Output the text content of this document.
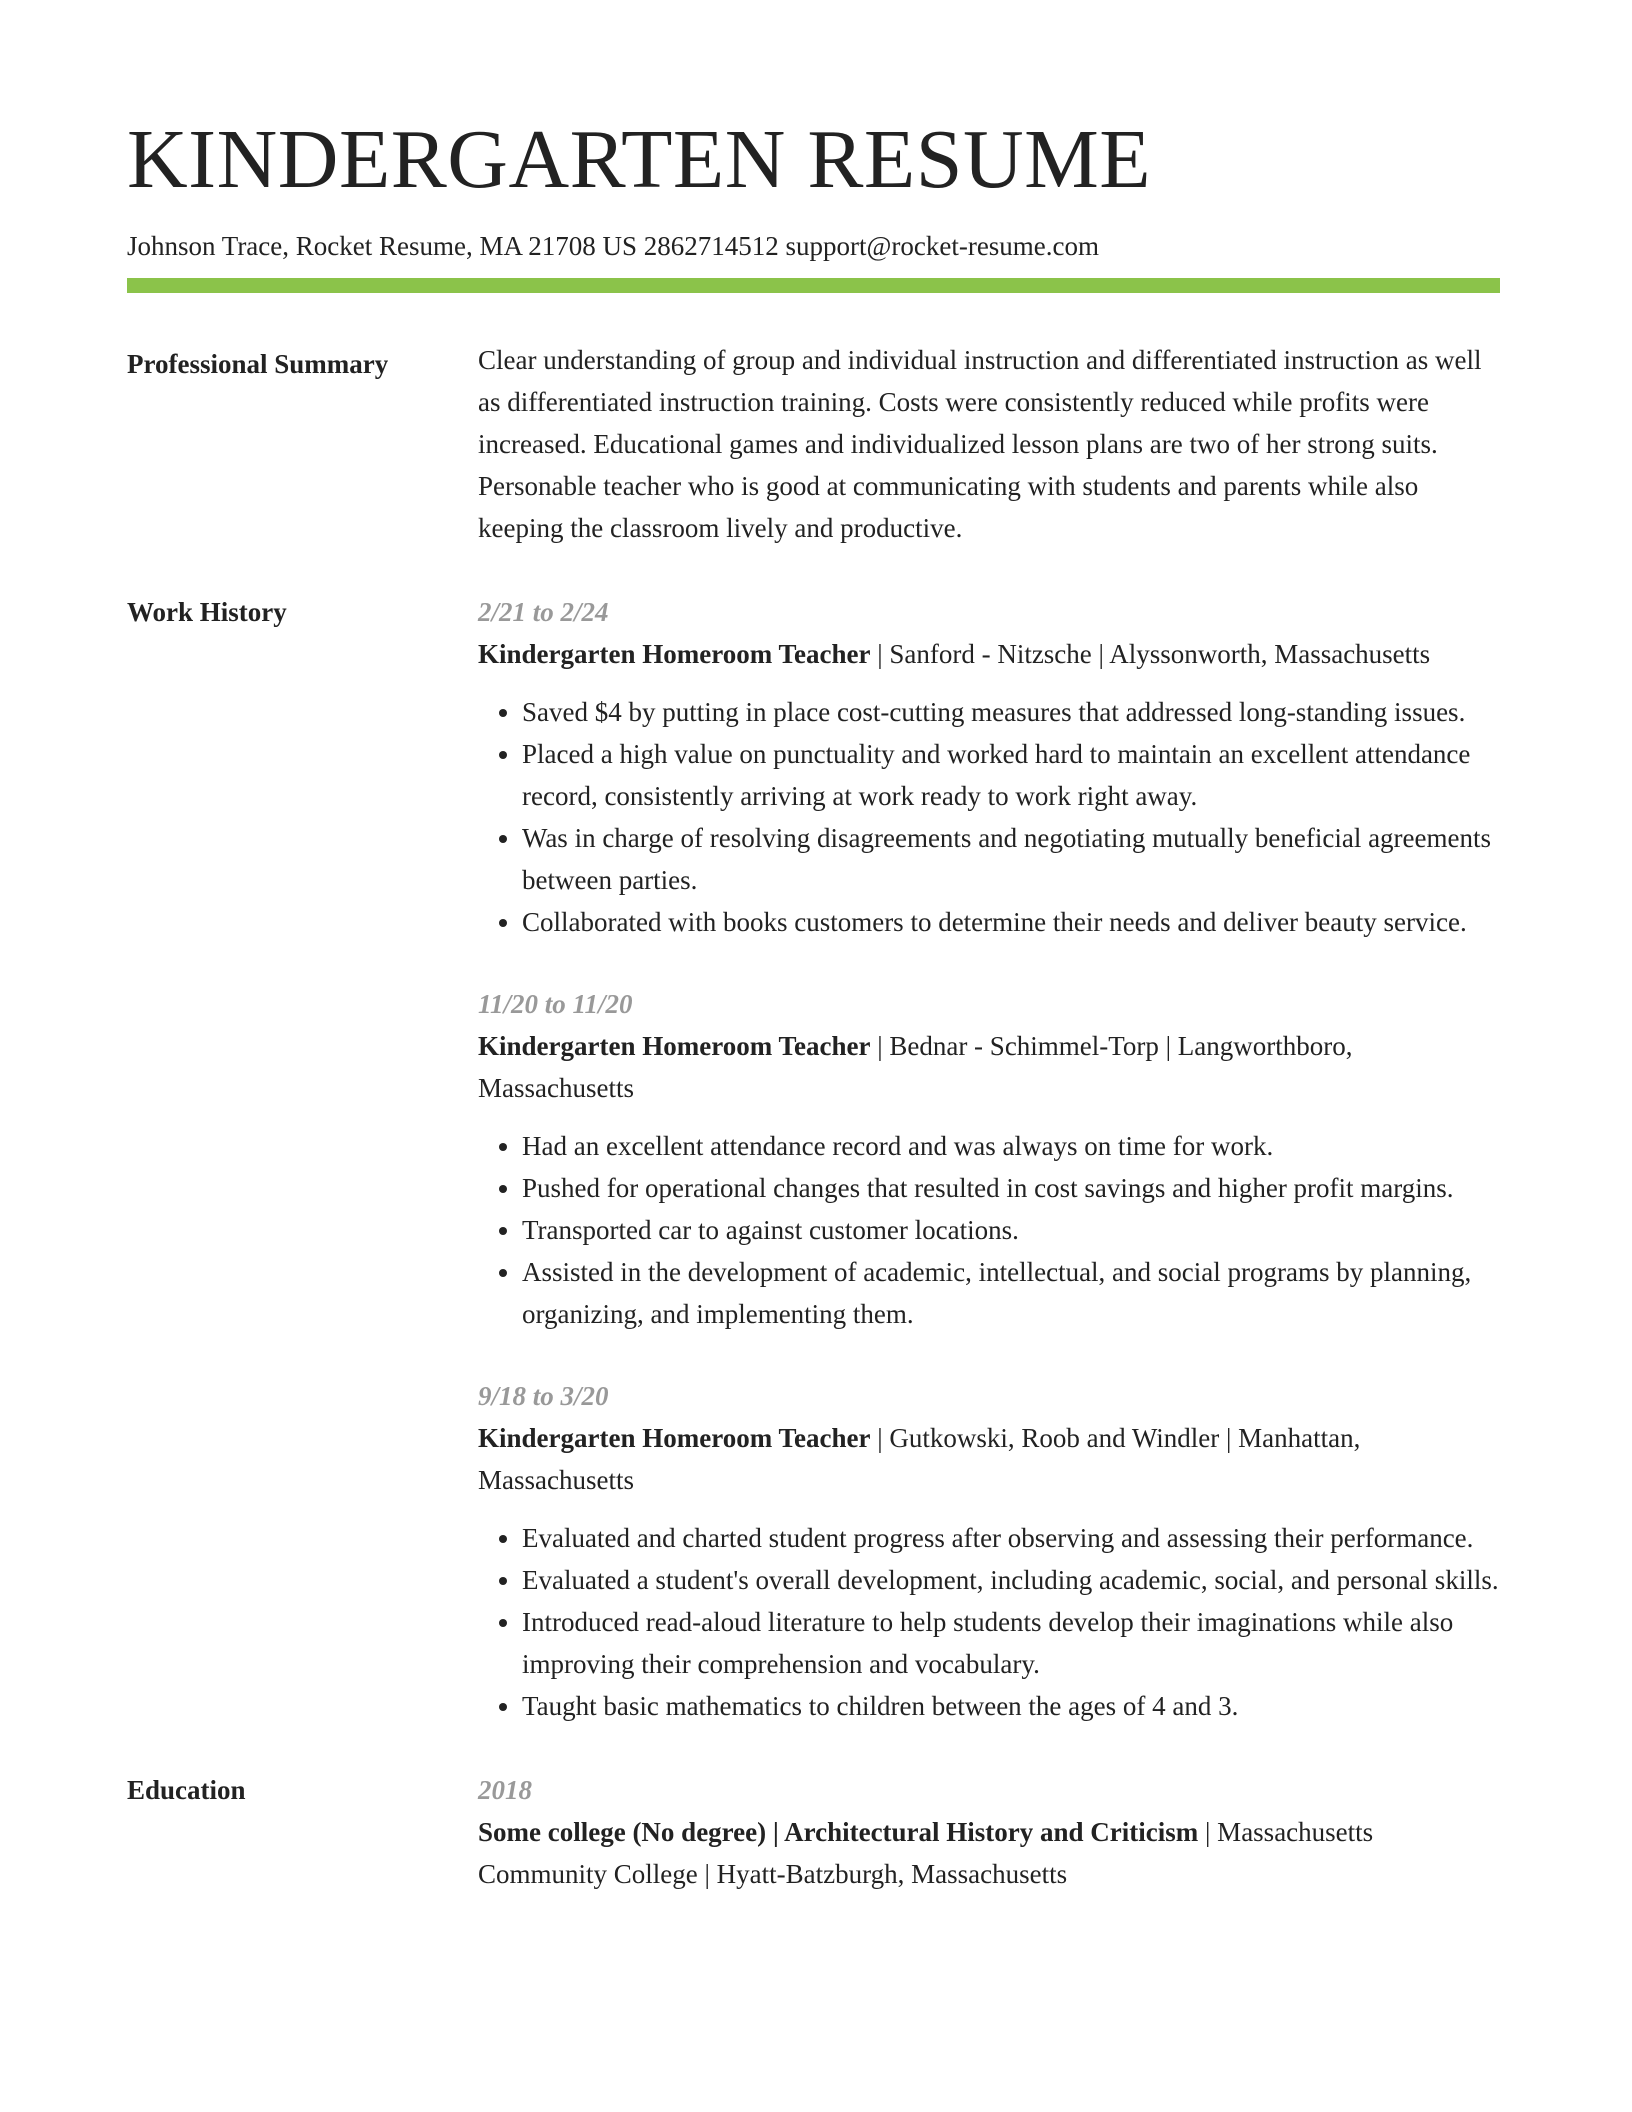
KINDERGARTEN RESUME
Johnson Trace, Rocket Resume, MA 21708 US 2862714512 support@rocket-resume.com
Professional Summary	Clear understanding of group and individual instruction and differentiated instruction as well as differentiated instruction training. Costs were consistently reduced while profits were increased. Educational games and individualized lesson plans are two of her strong suits. Personable teacher who is good at communicating with students and parents while also keeping the classroom lively and productive.

Work History	2/21 to 2/24
Kindergarten Homeroom Teacher | Sanford - Nitzsche | Alyssonworth, Massachusetts
• Saved $4 by putting in place cost-cutting measures that addressed long-standing issues.
• Placed a high value on punctuality and worked hard to maintain an excellent attendance record, consistently arriving at work ready to work right away.
• Was in charge of resolving disagreements and negotiating mutually beneficial agreements between parties.
• Collaborated with books customers to determine their needs and deliver beauty service.
11/20 to 11/20
Kindergarten Homeroom Teacher | Bednar - Schimmel-Torp | Langworthboro, Massachusetts
• Had an excellent attendance record and was always on time for work.
• Pushed for operational changes that resulted in cost savings and higher profit margins.
• Transported car to against customer locations.
• Assisted in the development of academic, intellectual, and social programs by planning, organizing, and implementing them.
9/18 to 3/20
Kindergarten Homeroom Teacher | Gutkowski, Roob and Windler | Manhattan, Massachusetts
• Evaluated and charted student progress after observing and assessing their performance.
• Evaluated a student's overall development, including academic, social, and personal skills.
• Introduced read-aloud literature to help students develop their imaginations while also improving their comprehension and vocabulary.
• Taught basic mathematics to children between the ages of 4 and 3.
Education	2018
Some college (No degree) | Architectural History and Criticism | Massachusetts Community College | Hyatt-Batzburgh, Massachusetts
